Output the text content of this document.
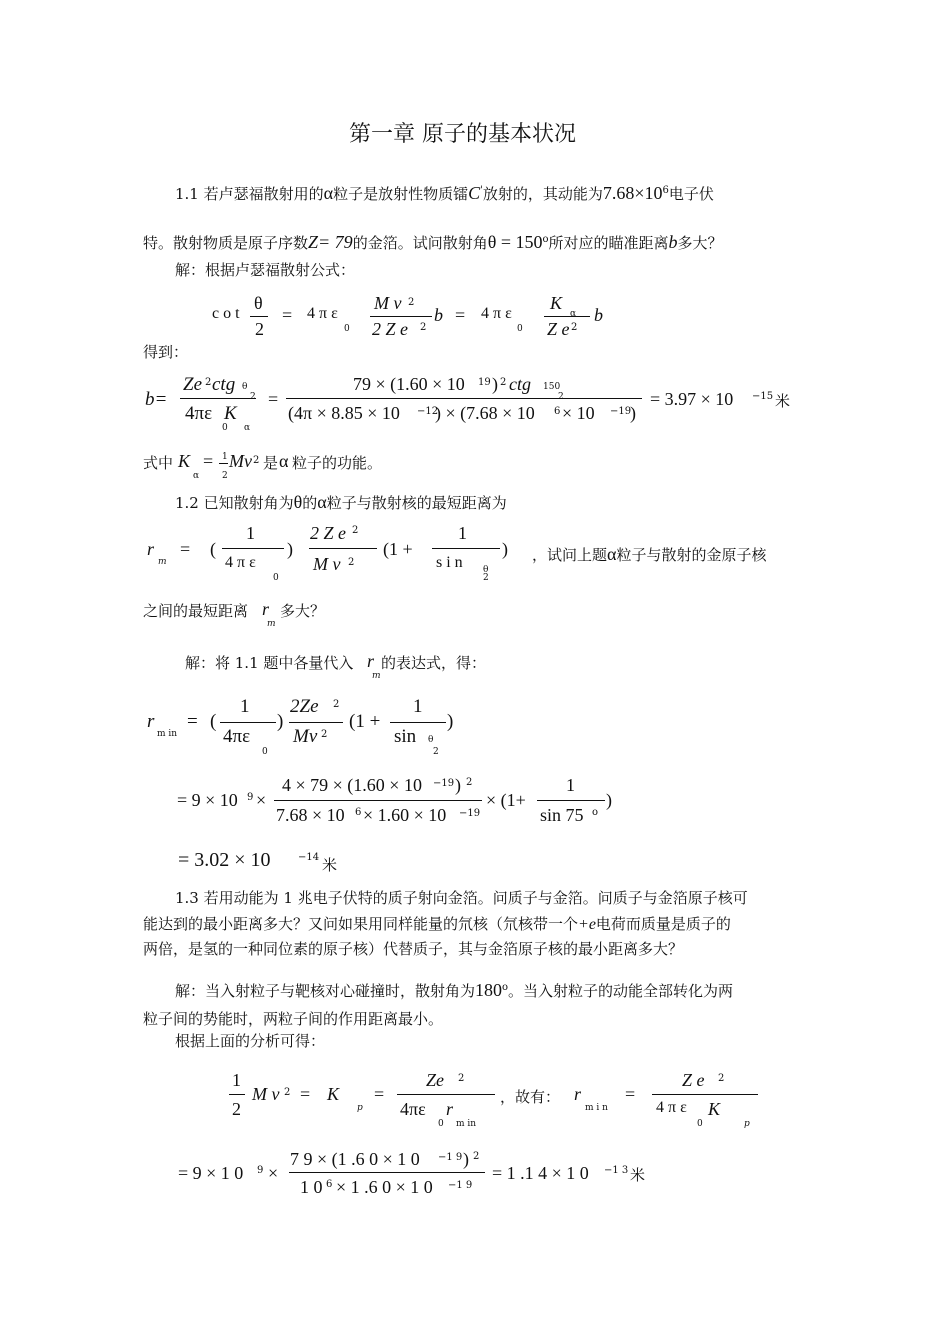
第一章 原子的基本状况
1.1 若卢瑟福散射用的α粒子是放射性物质镭C'放射的，其动能为$7.68\times 10^6$电子伏
特。散射物质是原子序数Z= 79的金箔。试问散射角$\theta = 150^o$所对应的瞄准距离b多大？
解：根据卢瑟福散射公式：
c o t
θ
2
= 4 π ε
0
M v 2
2 Z e 2
b = 4 π ε
0
K
α
Z e 2
b
得到：
b=
Ze 2 ctg θ
2
4πε K
0 α
=
79 × (1.60 × 10 19 ) 2 ctg 150
2
(4π × 8.85 × 10 −12
) × (7.68 × 10 6 × 10 −19
)
= 3.97 × 10 −15 米
式中 K
α
= 1
2
Mv 2 是 α 粒子的功能。
1.2 已知散射角为θ的α粒子与散射核的最短距离为
r
m
= (
1
4 π ε
0
)
2 Z e 2
M v 2
(1 +
1
s i n θ
2
) ，试问上题α粒子与散射的金原子核
之间的最短距离 r
m
多大？
解：将 1.1 题中各量代入 r
m
的表达式，得：
r
m in
= (
1
4πε
0
)
2Ze 2
Mv 2
(1 +
1
sin θ
2
)
= 9 × 10 9 ×
4 × 79 × (1.60 × 10 −19 ) 2
7.68 × 10 6 × 1.60 × 10 −19
× (1+
1
sin 75 o
)
= 3.02 × 10	−14 米
1.3 若用动能为 1 兆电子伏特的质子射向金箔。问质子与金箔。问质子与金箔原子核可
能达到的最小距离多大？又问如果用同样能量的氘核（氘核带一个+e电荷而质量是质子的
两倍，是氢的一种同位素的原子核）代替质子，其与金箔原子核的最小距离多大？
解：当入射粒子与靶核对心碰撞时，散射角为180$^o$。当入射粒子的动能全部转化为两
粒子间的势能时，两粒子间的作用距离最小。
根据上面的分析可得：
1
2
M v 2 = K
p
=
Ze 2
4πε r
0 m in
，故有： r
m i n
=
Z e 2
4 π ε K
0	p
= 9 × 1 0 9 ×
7 9 × (1 .6 0 × 1 0 −1 9 ) 2
1 0 6 × 1 .6 0 × 1 0 −1 9
= 1 .1 4 × 1 0 −1 3 米
